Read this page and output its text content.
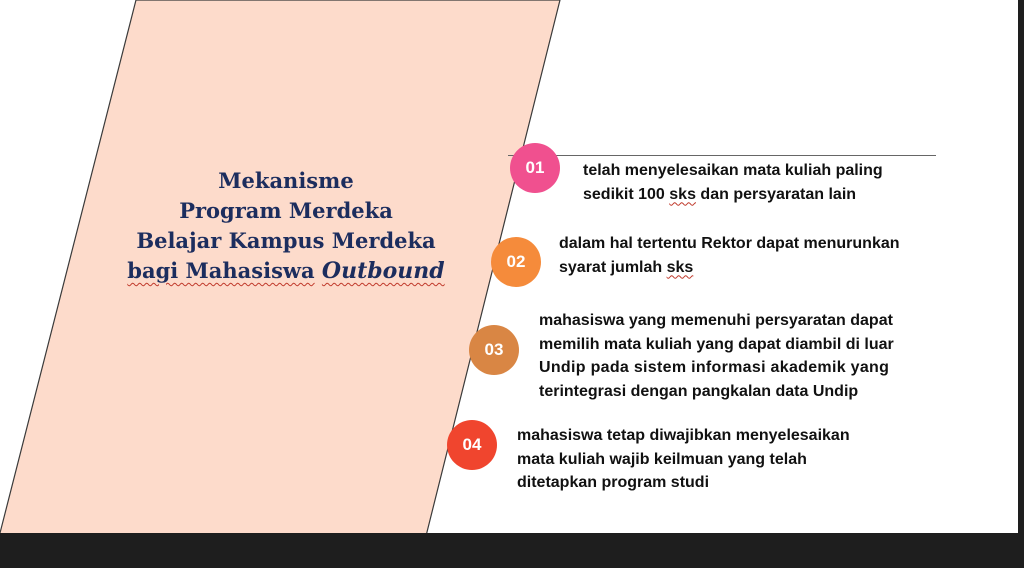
Mekanisme
Program Merdeka
Belajar Kampus Merdeka
bagi Mahasiswa Outbound
01 telah menyelesaikan mata kuliah paling
sedikit 100 sks dan persyaratan lain
02
dalam hal tertentu Rektor dapat menurunkan
syarat jumlah sks
03
mahasiswa yang memenuhi persyaratan dapat
memilih mata kuliah yang dapat diambil di luar
Undip pada sistem informasi akademik yang
terintegrasi dengan pangkalan data Undip
04 mahasiswa tetap diwajibkan menyelesaikan
mata kuliah wajib keilmuan yang telah
ditetapkan program studi
